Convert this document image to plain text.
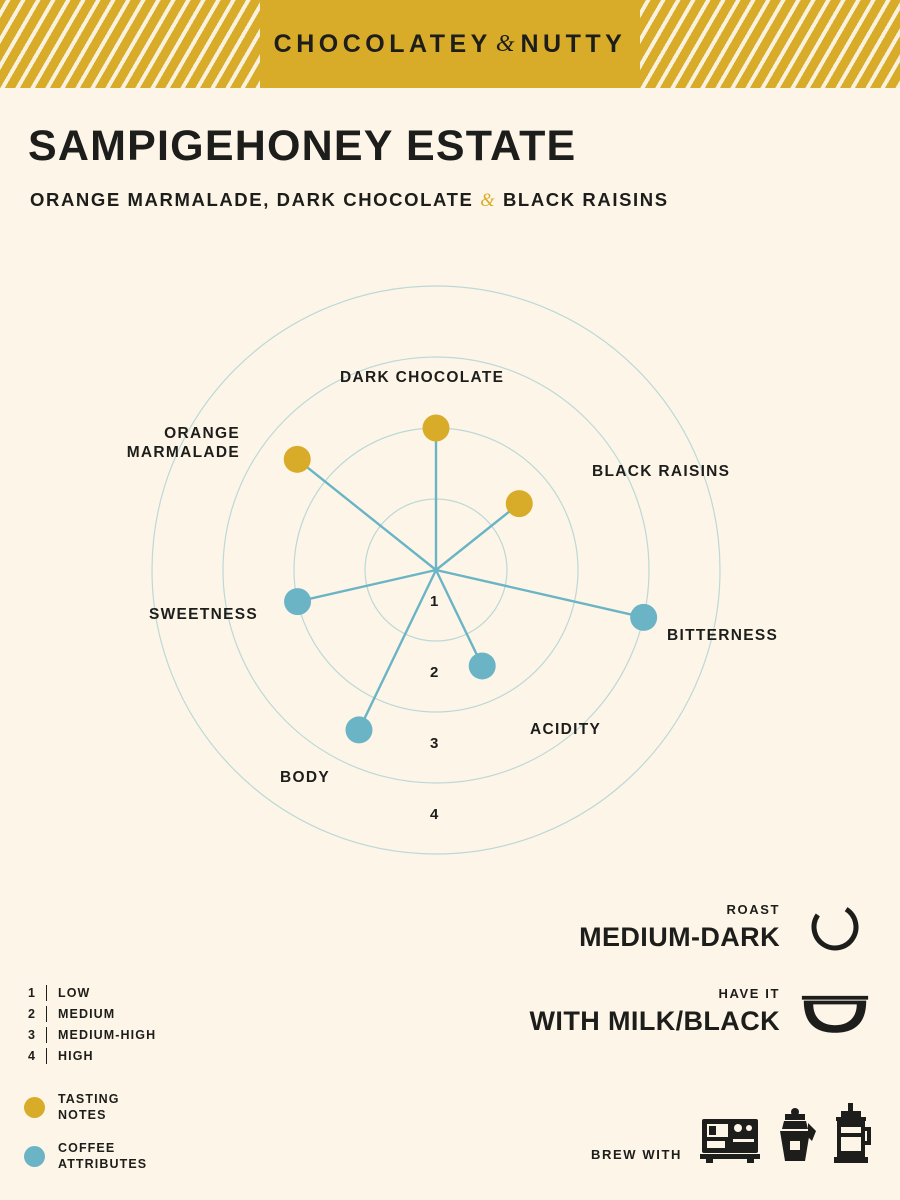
CHOCOLATEY & NUTTY
SAMPIGEHONEY ESTATE
ORANGE MARMALADE, DARK CHOCOLATE & BLACK RAISINS
1
2
3
4
DARK CHOCOLATE
BLACK RAISINS
BITTERNESS
ACIDITY
BODY
SWEETNESS
ORANGE MARMALADE
1	LOW
2	MEDIUM
3	MEDIUM-HIGH
4	HIGH
TASTING
NOTES
COFFEE
ATTRIBUTES
ROAST
MEDIUM-DARK
HAVE IT
WITH MILK/BLACK
BREW WITH
